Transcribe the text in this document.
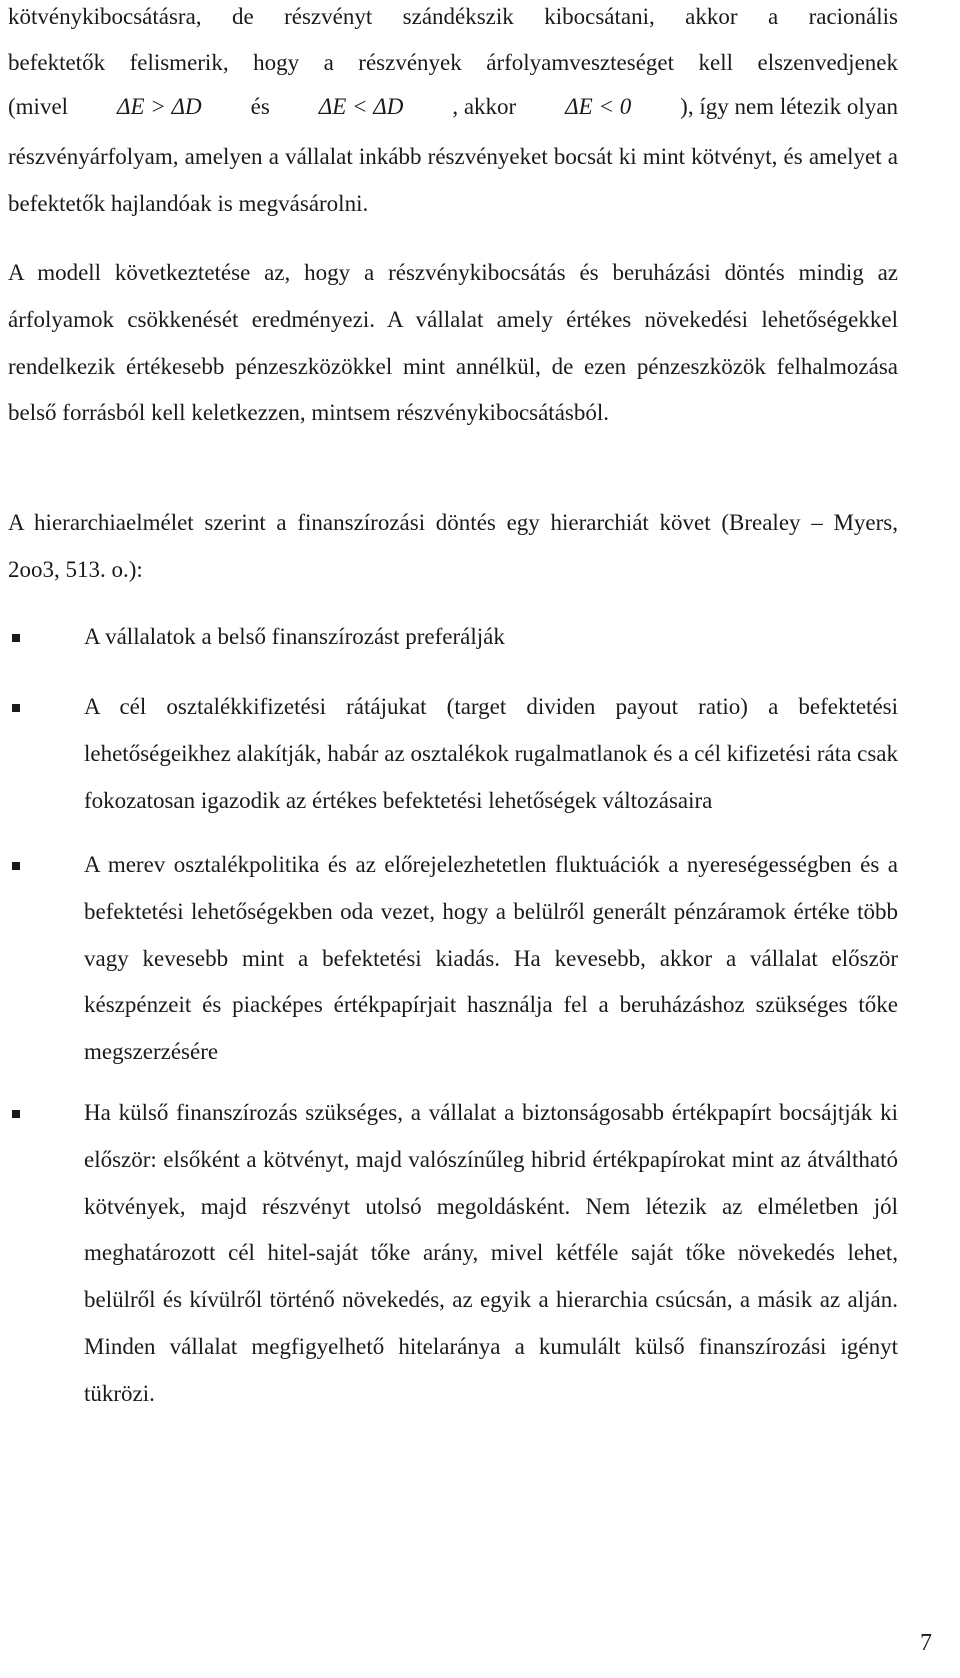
kötvénykibocsátásra, de részvényt szándékszik kibocsátani, akkor a racionális
befektetők felismerik, hogy a részvények árfolyamveszteséget kell elszenvedjenek
(mivel ΔE > ΔD és ΔE < ΔD , akkor ΔE < 0 ), így nem létezik olyan
részvényárfolyam, amelyen a vállalat inkább részvényeket bocsát ki mint kötvényt, és amelyet a befektetők hajlandóak is megvásárolni.
A modell következtetése az, hogy a részvénykibocsátás és beruházási döntés mindig az árfolyamok csökkenését eredményezi. A vállalat amely értékes növekedési lehetőségekkel rendelkezik értékesebb pénzeszközökkel mint annélkül, de ezen pénzeszközök felhalmozása belső forrásból kell keletkezzen, mintsem részvénykibocsátásból.
A hierarchiaelmélet szerint a finanszírozási döntés egy hierarchiát követ (Brealey – Myers, 2oo3, 513. o.):
A vállalatok a belső finanszírozást preferálják
A cél osztalékkifizetési rátájukat (target dividen payout ratio) a befektetési lehetőségeikhez alakítják, habár az osztalékok rugalmatlanok és a cél kifizetési ráta csak fokozatosan igazodik az értékes befektetési lehetőségek változásaira
A merev osztalékpolitika és az előrejelezhetetlen fluktuációk a nyereségességben és a befektetési lehetőségekben oda vezet, hogy a belülről generált pénzáramok értéke több vagy kevesebb mint a befektetési kiadás. Ha kevesebb, akkor a vállalat először készpénzeit és piacképes értékpapírjait használja fel a beruházáshoz szükséges tőke megszerzésére
Ha külső finanszírozás szükséges, a vállalat a biztonságosabb értékpapírt bocsájtják ki először: elsőként a kötvényt, majd valószínűleg hibrid értékpapírokat mint az átváltható kötvények, majd részvényt utolsó megoldásként. Nem létezik az elméletben jól meghatározott cél hitel-saját tőke arány, mivel kétféle saját tőke növekedés lehet, belülről és kívülről történő növekedés, az egyik a hierarchia csúcsán, a másik az alján. Minden vállalat megfigyelhető hitelaránya a kumulált külső finanszírozási igényt tükrözi.
7
